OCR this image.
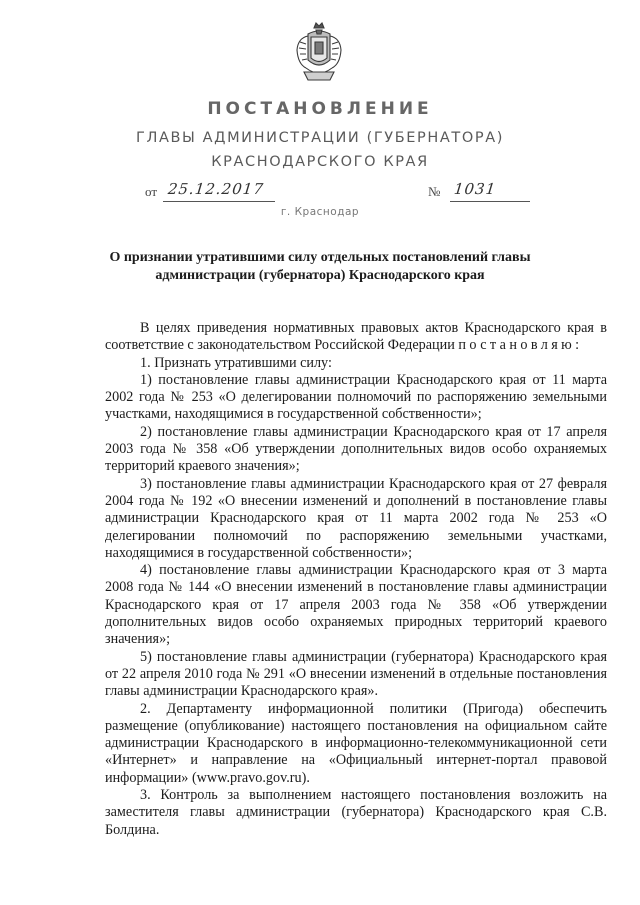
ПОСТАНОВЛЕНИЕ
ГЛАВЫ АДМИНИСТРАЦИИ (ГУБЕРНАТОРА)
КРАСНОДАРСКОГО КРАЯ
от 25.12.2017	№ 1031
г. Краснодар
О признании утратившими силу отдельных постановлений главы администрации (губернатора) Краснодарского края

В целях приведения нормативных правовых актов Краснодарского края в соответствие с законодательством Российской Федерации постановляю:

1. Признать утратившими силу:

1) постановление главы администрации Краснодарского края от 11 марта 2002 года № 253 «О делегировании полномочий по распоряжению земельными участками, находящимися в государственной собственности»;

2) постановление главы администрации Краснодарского края от 17 апреля 2003 года № 358 «Об утверждении дополнительных видов особо охраняемых территорий краевого значения»;

3) постановление главы администрации Краснодарского края от 27 февраля 2004 года № 192 «О внесении изменений и дополнений в постановление главы администрации Краснодарского края от 11 марта 2002 года № 253 «О делегировании полномочий по распоряжению земельными участками, находящимися в государственной собственности»;

4) постановление главы администрации Краснодарского края от 3 марта 2008 года № 144 «О внесении изменений в постановление главы администрации Краснодарского края от 17 апреля 2003 года № 358 «Об утверждении дополнительных видов особо охраняемых природных территорий краевого значения»;

5) постановление главы администрации (губернатора) Краснодарского края от 22 апреля 2010 года № 291 «О внесении изменений в отдельные постановления главы администрации Краснодарского края».

2. Департаменту информационной политики (Пригода) обеспечить размещение (опубликование) настоящего постановления на официальном сайте администрации Краснодарского в информационно-телекоммуникационной сети «Интернет» и направление на «Официальный интернет-портал правовой информации» (www.pravo.gov.ru).

3. Контроль за выполнением настоящего постановления возложить на заместителя главы администрации (губернатора) Краснодарского края С.В. Болдина.
